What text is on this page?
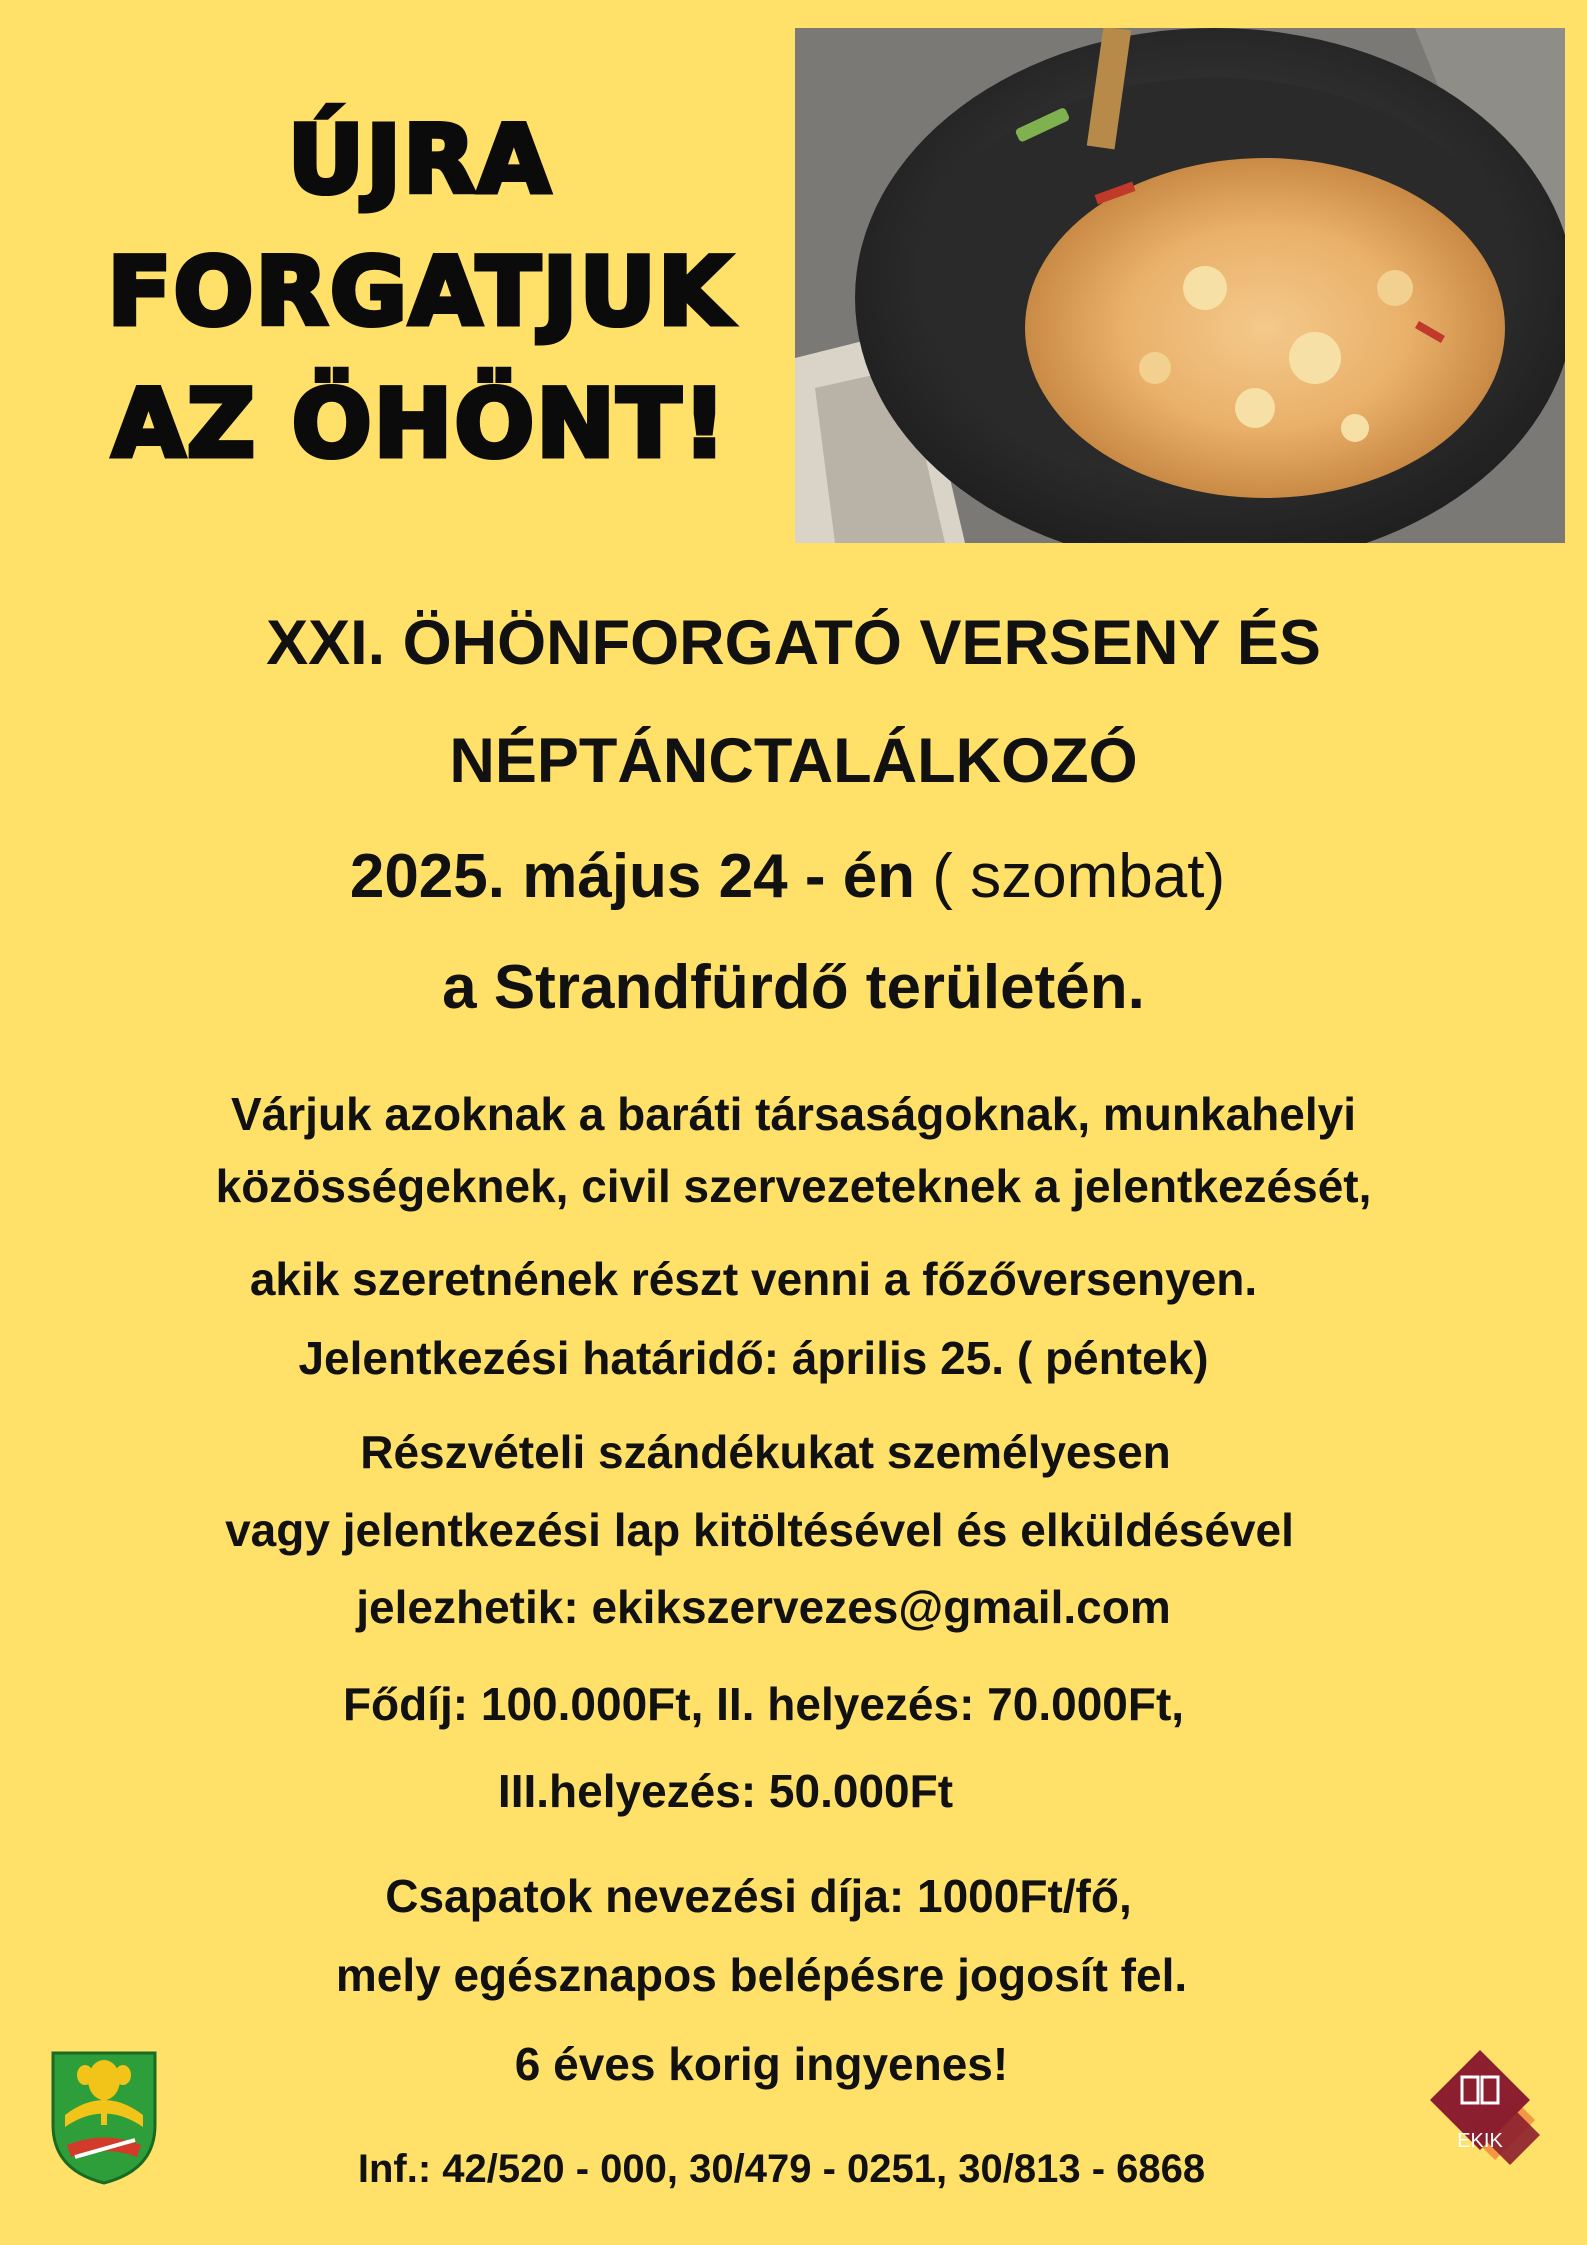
ÚJRA
FORGATJUK
AZ ÖHÖNT!
XXI. ÖHÖNFORGATÓ VERSENY ÉS
NÉPTÁNCTALÁLKOZÓ
2025. május 24 - én ( szombat)
a Strandfürdő területén.
Várjuk azoknak a baráti társaságoknak, munkahelyi
közösségeknek, civil szervezeteknek a jelentkezését,
akik szeretnének részt venni a főzőversenyen.
Jelentkezési határidő: április 25. ( péntek)
Részvételi szándékukat személyesen
vagy jelentkezési lap kitöltésével és elküldésével
jelezhetik: ekikszervezes@gmail.com
Fődíj: 100.000Ft, II. helyezés: 70.000Ft,
III.helyezés: 50.000Ft
Csapatok nevezési díja: 1000Ft/fő,
mely egésznapos belépésre jogosít fel.
6 éves korig ingyenes!
Inf.: 42/520 - 000, 30/479 - 0251, 30/813 - 6868
EKIK
